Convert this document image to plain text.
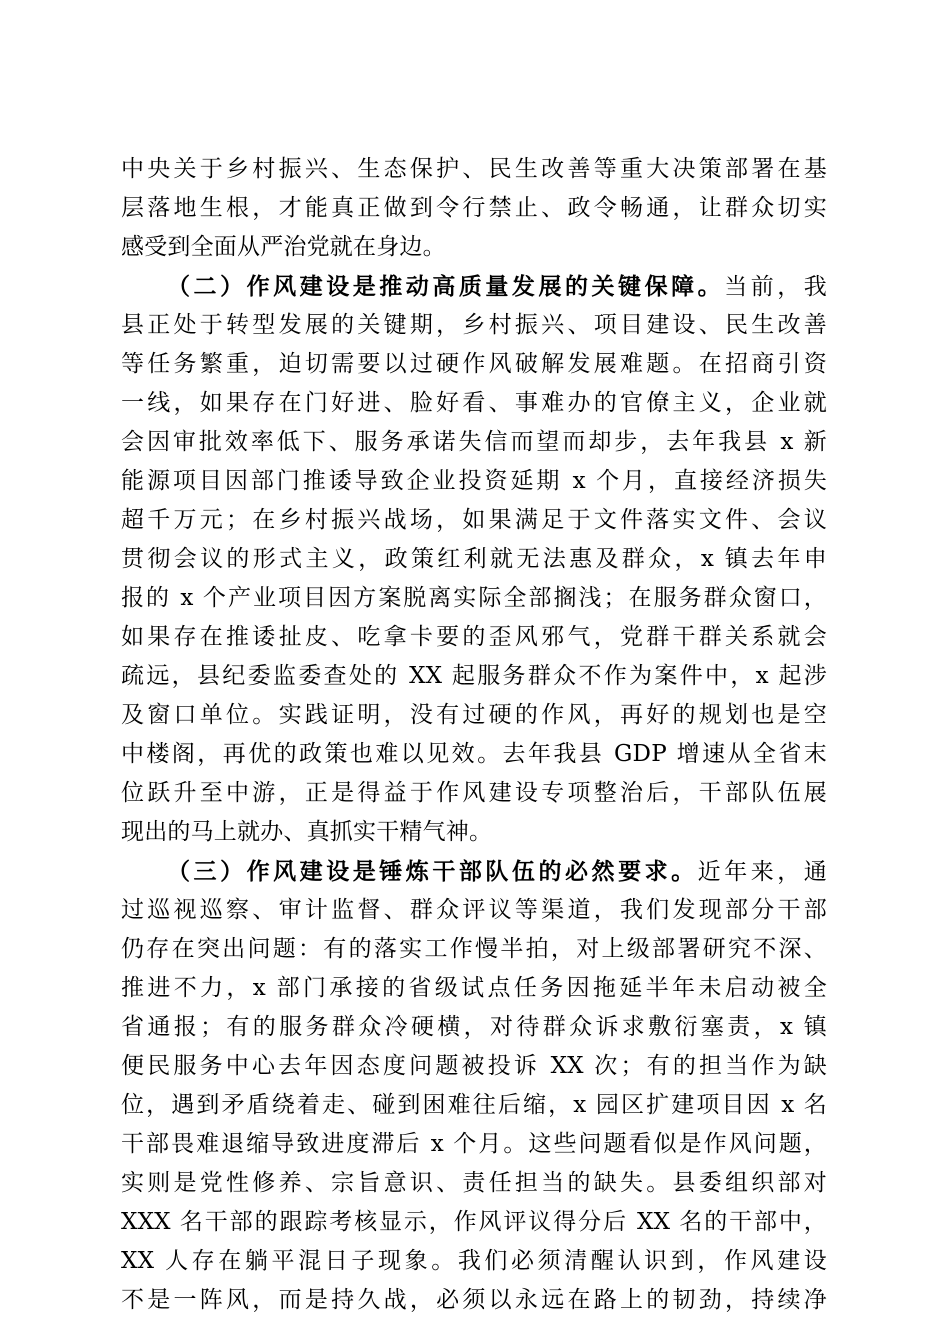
中央关于乡村振兴、生态保护、民生改善等重大决策部署在基
层落地生根，才能真正做到令行禁止、政令畅通，让群众切实
感受到全面从严治党就在身边。
（二）作风建设是推动高质量发展的关键保障。当前，我
县正处于转型发展的关键期，乡村振兴、项目建设、民生改善
等任务繁重，迫切需要以过硬作风破解发展难题。在招商引资
一线，如果存在门好进、脸好看、事难办的官僚主义，企业就
会因审批效率低下、服务承诺失信而望而却步，去年我县 x 新
能源项目因部门推诿导致企业投资延期 x 个月，直接经济损失
超千万元；在乡村振兴战场，如果满足于文件落实文件、会议
贯彻会议的形式主义，政策红利就无法惠及群众，x 镇去年申
报的 x 个产业项目因方案脱离实际全部搁浅；在服务群众窗口，
如果存在推诿扯皮、吃拿卡要的歪风邪气，党群干群关系就会
疏远，县纪委监委查处的 XX 起服务群众不作为案件中，x 起涉
及窗口单位。实践证明，没有过硬的作风，再好的规划也是空
中楼阁，再优的政策也难以见效。去年我县 GDP 增速从全省末
位跃升至中游，正是得益于作风建设专项整治后，干部队伍展
现出的马上就办、真抓实干精气神。
（三）作风建设是锤炼干部队伍的必然要求。近年来，通
过巡视巡察、审计监督、群众评议等渠道，我们发现部分干部
仍存在突出问题：有的落实工作慢半拍，对上级部署研究不深、
推进不力，x 部门承接的省级试点任务因拖延半年未启动被全
省通报；有的服务群众冷硬横，对待群众诉求敷衍塞责，x 镇
便民服务中心去年因态度问题被投诉 XX 次；有的担当作为缺
位，遇到矛盾绕着走、碰到困难往后缩，x 园区扩建项目因 x 名
干部畏难退缩导致进度滞后 x 个月。这些问题看似是作风问题，
实则是党性修养、宗旨意识、责任担当的缺失。县委组织部对
XXX 名干部的跟踪考核显示，作风评议得分后 XX 名的干部中，
XX 人存在躺平混日子现象。我们必须清醒认识到，作风建设
不是一阵风，而是持久战，必须以永远在路上的韧劲，持续净
